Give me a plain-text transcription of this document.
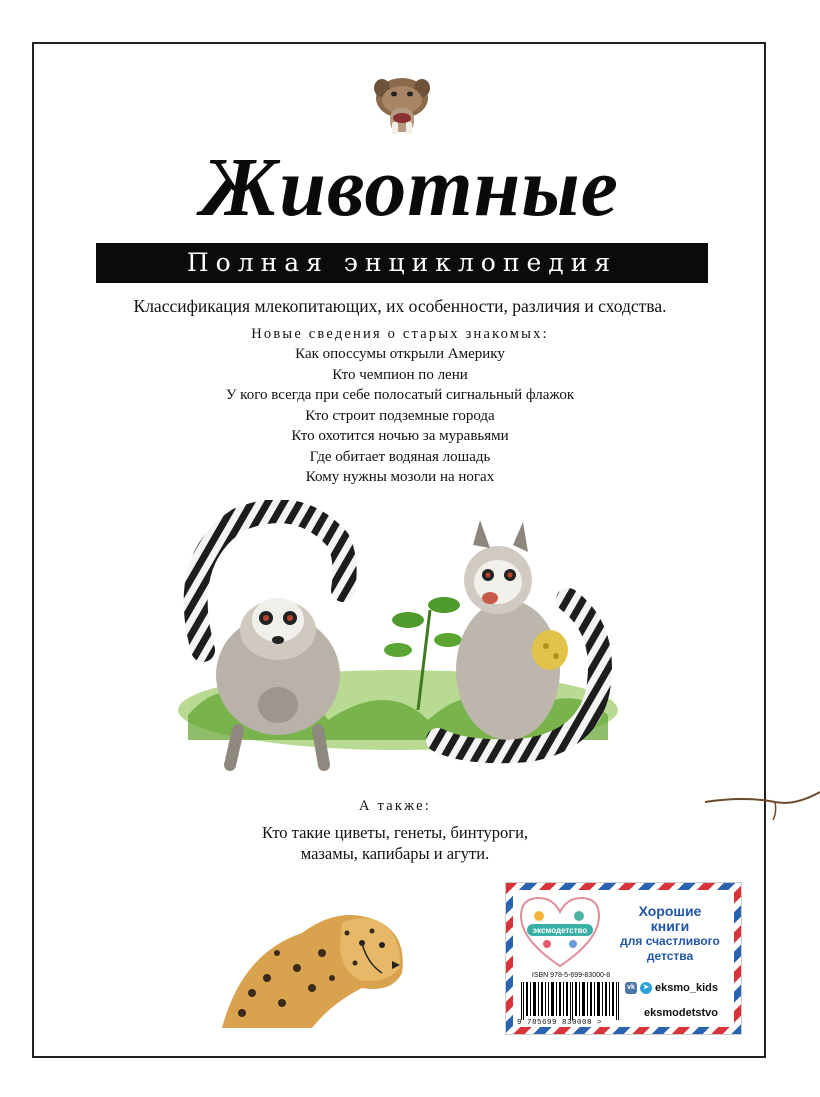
Животные
Полная энциклопедия
Классификация млекопитающих, их особенности, различия и сходства.
Новые сведения о старых знакомых:
Как опоссумы открыли Америку
Кто чемпион по лени
У кого всегда при себе полосатый сигнальный флажок
Кто строит подземные города
Кто охотится ночью за муравьями
Где обитает водяная лошадь
Кому нужны мозоли на ногах
А также:
Кто такие циветы, генеты, бинтуроги,
мазамы, капибары и агути.
эксмодетство
Хорошие
книги
для счастливого
детства
ISBN 978-5-699-83000-8
9 785699 830008 >
vk	➤ eksmo_kids
eksmodetstvo
